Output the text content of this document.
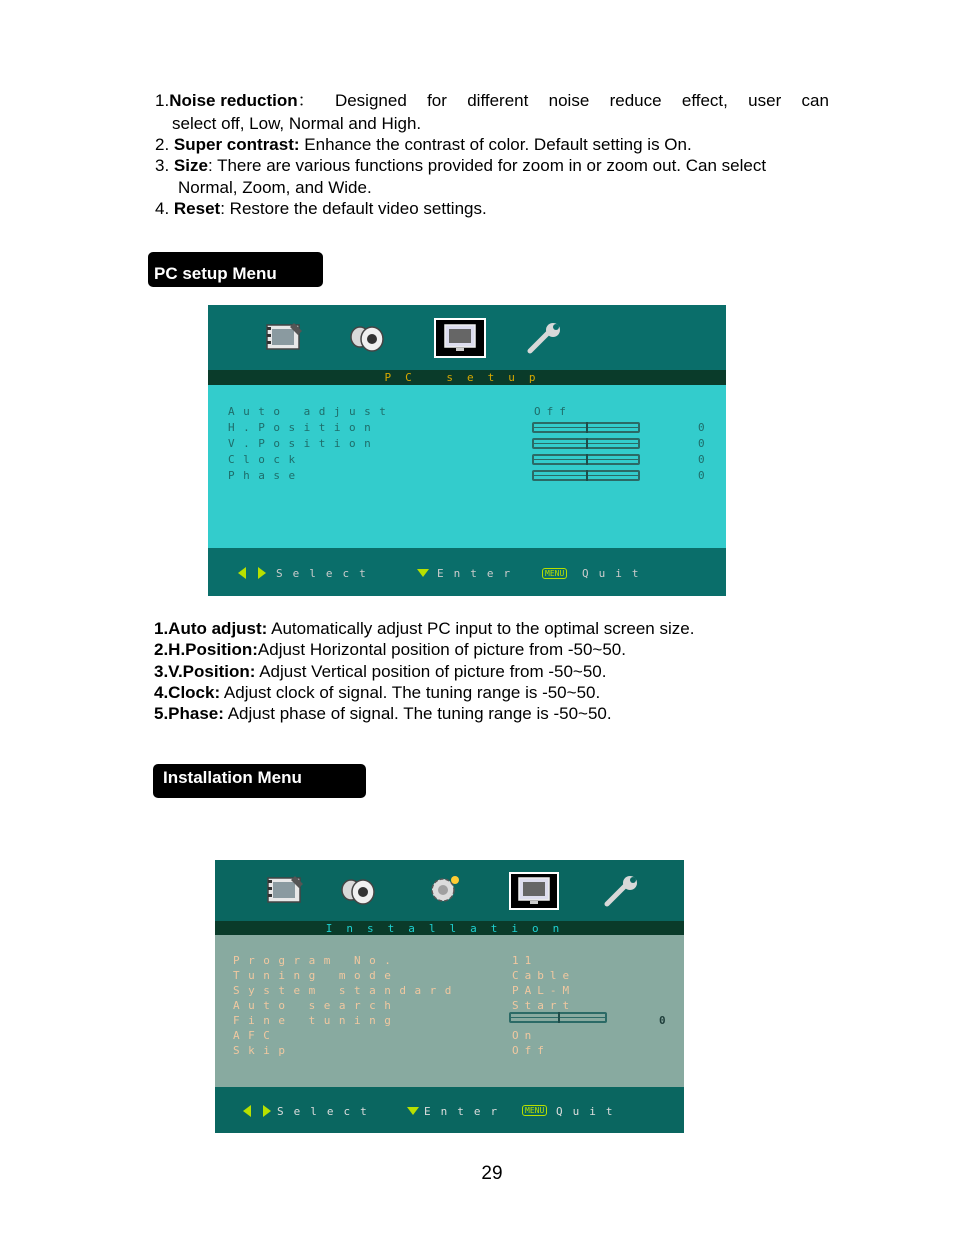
1.Noise reduction： Designed for different noise reduce effect, user can
select off, Low, Normal and High.
2. Super contrast: Enhance the contrast of color. Default setting is On.
3. Size: There are various functions provided for zoom in or zoom out. Can select
Normal, Zoom, and Wide.
4. Reset: Restore the default video settings.
PC setup Menu
PC setup
Auto adjust	Off
H.Position	0
V.Position	0
Clock	0
Phase	0
Select	Enter	MENU Quit
1.Auto adjust: Automatically adjust PC input to the optimal screen size.
2.H.Position:Adjust Horizontal position of picture from -50~50.
3.V.Position: Adjust Vertical position of picture from -50~50.
4.Clock: Adjust clock of signal. The tuning range is -50~50.
5.Phase: Adjust phase of signal. The tuning range is -50~50.
Installation Menu
Installation
Program No.	11
Tuning mode	Cable
System standard	PAL-M
Auto search	Start
Fine tuning	0
AFC	On
Skip	Off
Select	Enter	MENU Quit
29
